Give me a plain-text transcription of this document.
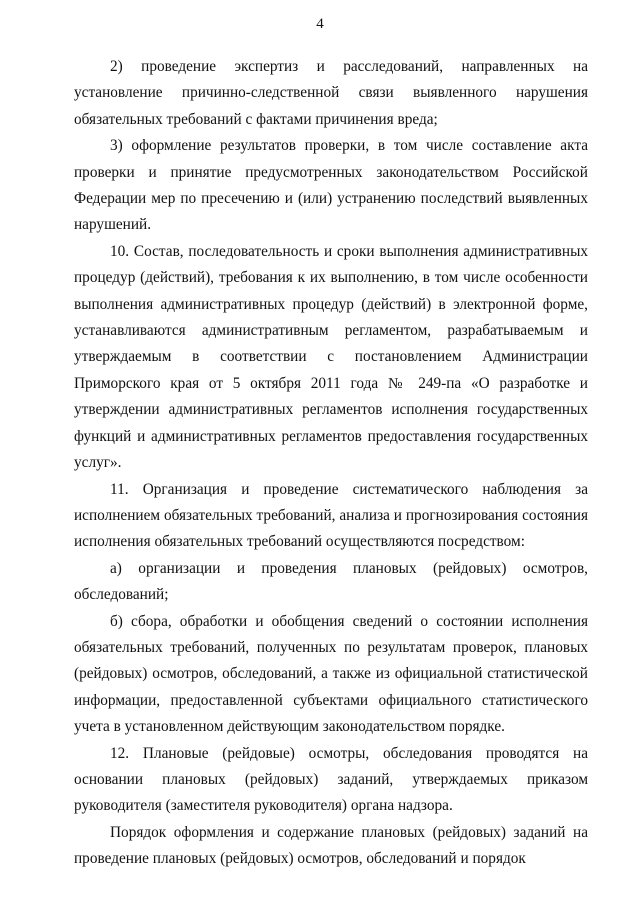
4

2) проведение экспертиз и расследований, направленных на установление причинно-следственной связи выявленного нарушения обязательных требований с фактами причинения вреда;

3) оформление результатов проверки, в том числе составление акта проверки и принятие предусмотренных законодательством Российской Федерации мер по пресечению и (или) устранению последствий выявленных нарушений.

10. Состав, последовательность и сроки выполнения административных процедур (действий), требования к их выполнению, в том числе особенности выполнения административных процедур (действий) в электронной форме, устанавливаются административным регламентом, разрабатываемым и утверждаемым в соответствии с постановлением Администрации Приморского края от 5 октября 2011 года № 249-па «О разработке и утверждении административных регламентов исполнения государственных функций и административных регламентов предоставления государственных услуг».

11. Организация и проведение систематического наблюдения за исполнением обязательных требований, анализа и прогнозирования состояния исполнения обязательных требований осуществляются посредством:

а) организации и проведения плановых (рейдовых) осмотров, обследований;

б) сбора, обработки и обобщения сведений о состоянии исполнения обязательных требований, полученных по результатам проверок, плановых (рейдовых) осмотров, обследований, а также из официальной статистической информации, предоставленной субъектами официального статистического учета в установленном действующим законодательством порядке.

12. Плановые (рейдовые) осмотры, обследования проводятся на основании плановых (рейдовых) заданий, утверждаемых приказом руководителя (заместителя руководителя) органа надзора.

Порядок оформления и содержание плановых (рейдовых) заданий на проведение плановых (рейдовых) осмотров, обследований и порядок
